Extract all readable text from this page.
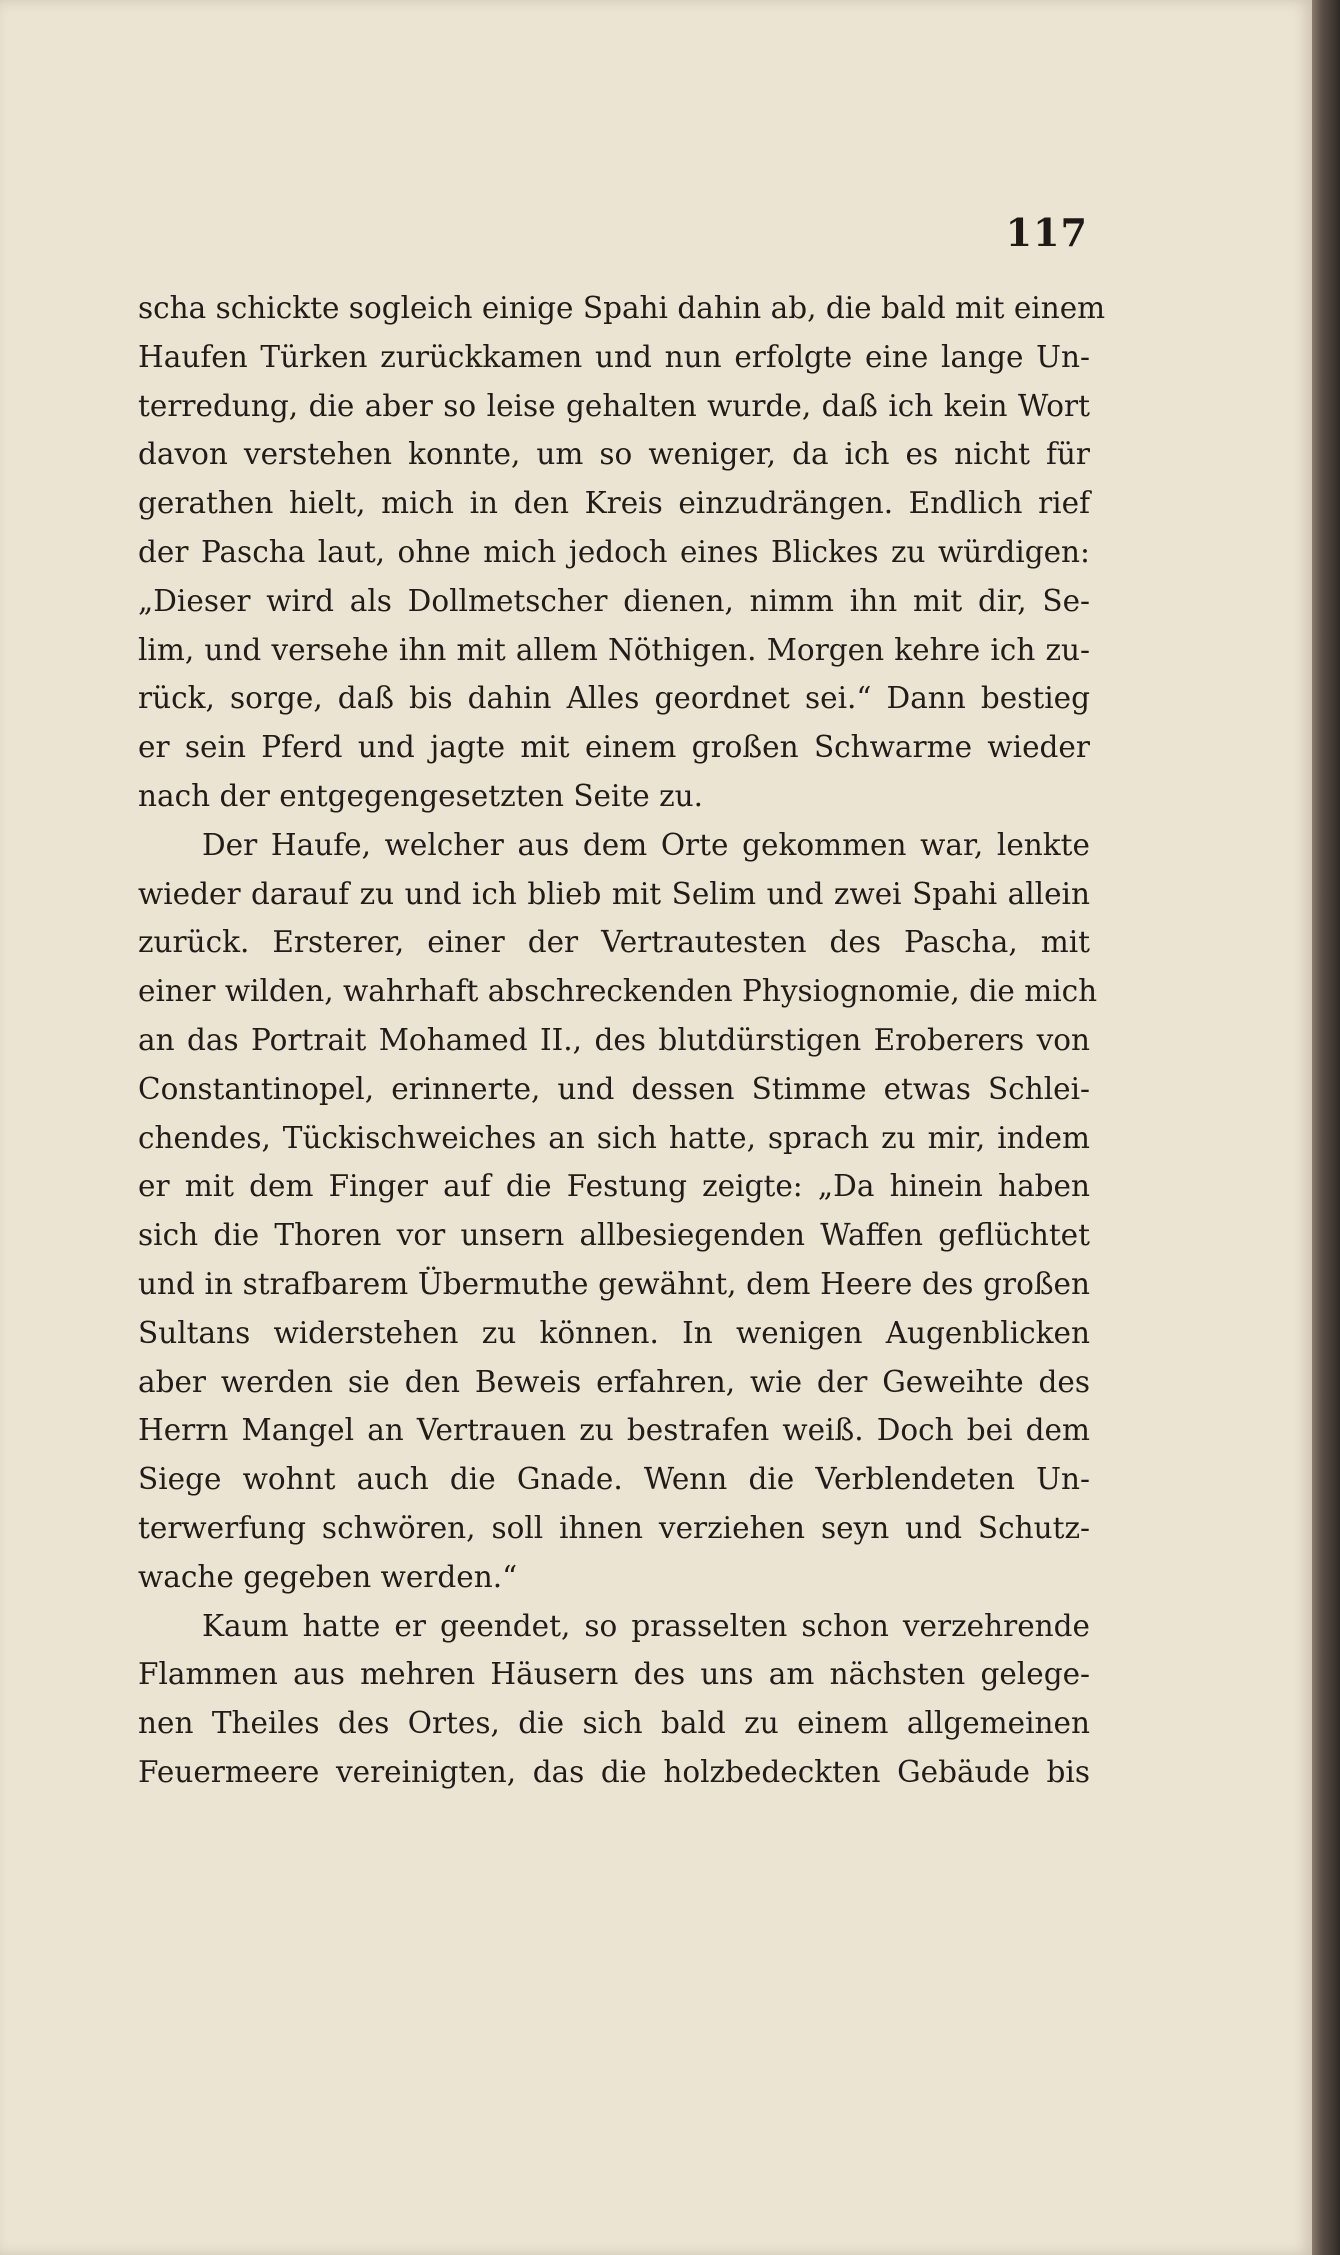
117
scha schickte sogleich einige Spahi dahin ab, die bald mit einem
Haufen Türken zurückkamen und nun erfolgte eine lange Un-
terredung, die aber so leise gehalten wurde, daß ich kein Wort
davon verstehen konnte, um so weniger, da ich es nicht für
gerathen hielt, mich in den Kreis einzudrängen. Endlich rief
der Pascha laut, ohne mich jedoch eines Blickes zu würdigen:
„Dieser wird als Dollmetscher dienen, nimm ihn mit dir, Se-
lim, und versehe ihn mit allem Nöthigen. Morgen kehre ich zu-
rück, sorge, daß bis dahin Alles geordnet sei.“ Dann bestieg
er sein Pferd und jagte mit einem großen Schwarme wieder
nach der entgegengesetzten Seite zu.
Der Haufe, welcher aus dem Orte gekommen war, lenkte
wieder darauf zu und ich blieb mit Selim und zwei Spahi allein
zurück. Ersterer, einer der Vertrautesten des Pascha, mit
einer wilden, wahrhaft abschreckenden Physiognomie, die mich
an das Portrait Mohamed II., des blutdürstigen Eroberers von
Constantinopel, erinnerte, und dessen Stimme etwas Schlei-
chendes, Tückischweiches an sich hatte, sprach zu mir, indem
er mit dem Finger auf die Festung zeigte: „Da hinein haben
sich die Thoren vor unsern allbesiegenden Waffen geflüchtet
und in strafbarem Übermuthe gewähnt, dem Heere des großen
Sultans widerstehen zu können. In wenigen Augenblicken
aber werden sie den Beweis erfahren, wie der Geweihte des
Herrn Mangel an Vertrauen zu bestrafen weiß. Doch bei dem
Siege wohnt auch die Gnade. Wenn die Verblendeten Un-
terwerfung schwören, soll ihnen verziehen seyn und Schutz-
wache gegeben werden.“
Kaum hatte er geendet, so prasselten schon verzehrende
Flammen aus mehren Häusern des uns am nächsten gelege-
nen Theiles des Ortes, die sich bald zu einem allgemeinen
Feuermeere vereinigten, das die holzbedeckten Gebäude bis
